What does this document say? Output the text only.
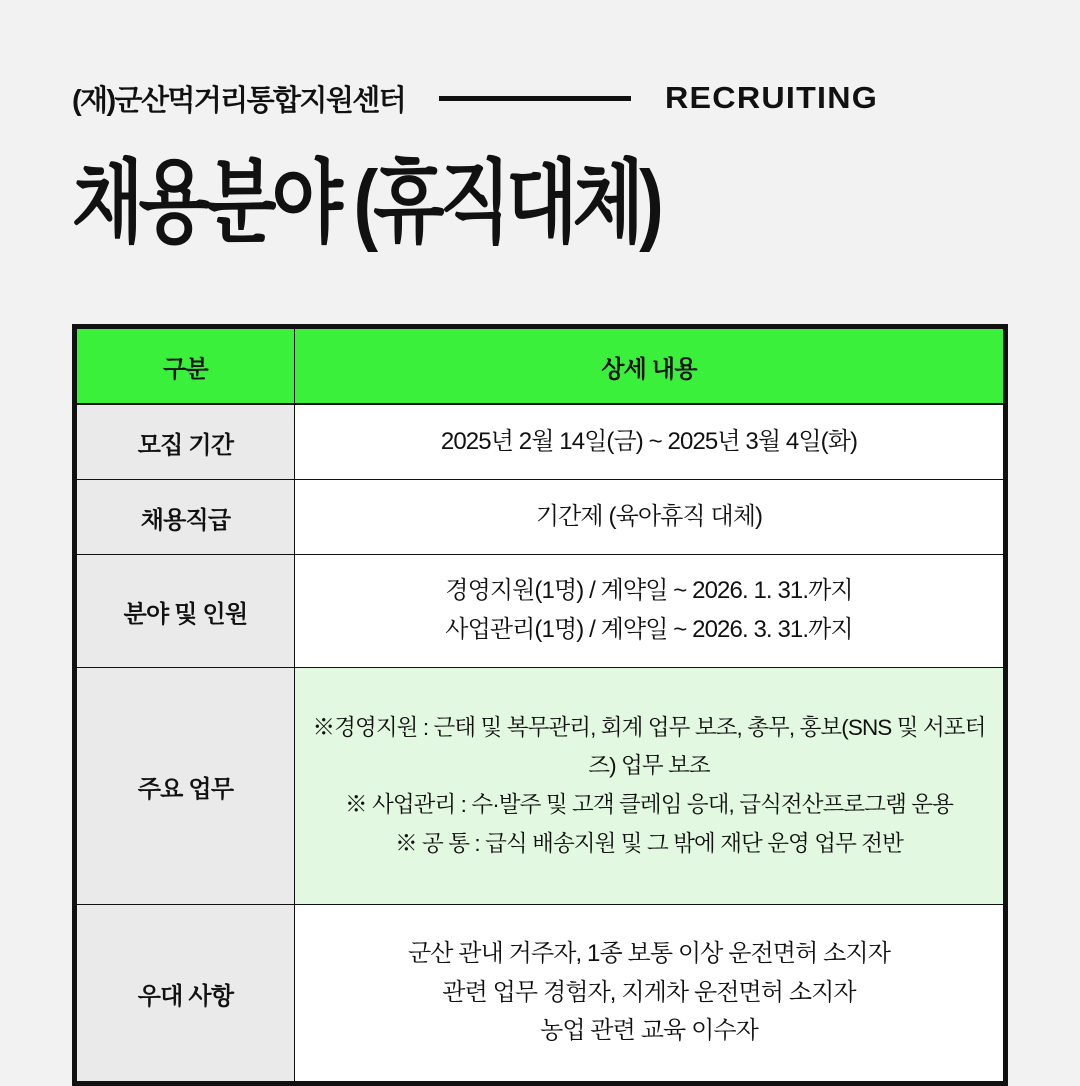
(재)군산먹거리통합지원센터	RECRUITING
채용분야 (휴직대체)
구분	상세 내용
모집 기간	2025년 2월 14일(금) ~ 2025년 3월 4일(화)

채용직급	기간제 (육아휴직 대체)

분야 및 인원	경영지원(1명) / 계약일 ~ 2026. 1. 31.까지
사업관리(1명) / 계약일 ~ 2026. 3. 31.까지

주요 업무	※경영지원 : 근태 및 복무관리, 회계 업무 보조, 총무, 홍보(SNS 및 서포터즈) 업무 보조
※ 사업관리 : 수·발주 및 고객 클레임 응대, 급식전산프로그램 운용
※ 공 통 : 급식 배송지원 및 그 밖에 재단 운영 업무 전반

우대 사항	군산 관내 거주자, 1종 보통 이상 운전면허 소지자
관련 업무 경험자, 지게차 운전면허 소지자
농업 관련 교육 이수자
